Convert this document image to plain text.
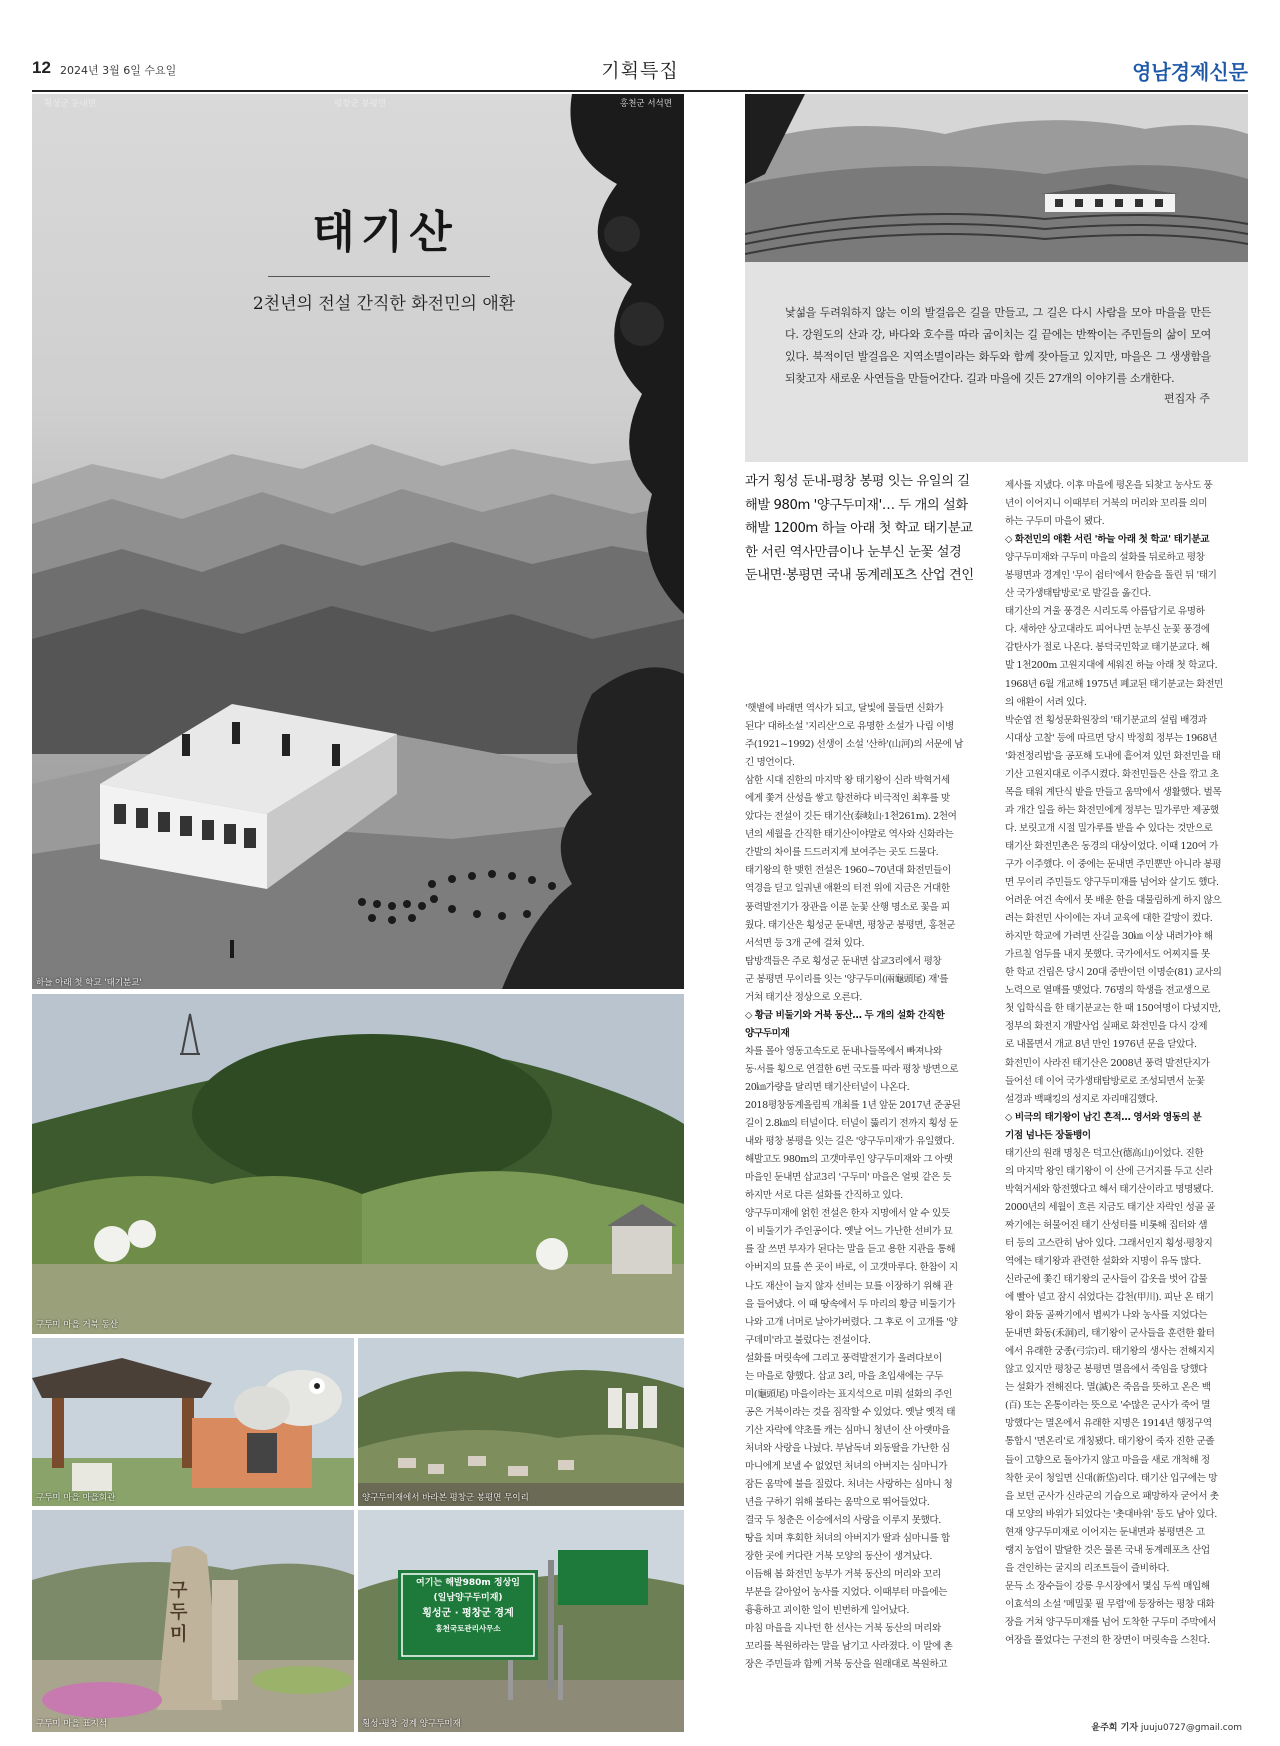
12 2024년 3월 6일 수요일	기획특집	영남경제신문
횡성군 둔내면	평창군 봉평면	홍천군 서석면
태기산
2천년의 전설 간직한 화전민의 애환
하늘 아래 첫 학교 '태기분교'
구두미 마을 거북 동산
구두미 마을 마을회관	양구두미재에서 바라본 평창군 봉평면 무이리
구두미
구두미 마을 표지석
여기는 해발980m 정상임
(일남양구두미재)
횡성군 · 평창군 경계
홍천국토관리사무소
횡성-평창 경계 양구두미재
낯섦을 두려워하지 않는 이의 발걸음은 길을 만들고, 그 길은 다시 사람을 모아 마을을 만든다. 강원도의 산과 강, 바다와 호수를 따라 굽이치는 길 끝에는 반짝이는 주민들의 삶이 모여 있다. 북적이던 발걸음은 지역소멸이라는 화두와 함께 잦아들고 있지만, 마을은 그 생생함을 되찾고자 새로운 사연들을 만들어간다. 길과 마을에 깃든 27개의 이야기를 소개한다.
편집자 주
과거 횡성 둔내-평창 봉평 잇는 유일의 길
해발 980m '양구두미재'… 두 개의 설화
해발 1200m 하늘 아래 첫 학교 태기분교
한 서린 역사만큼이나 눈부신 눈꽃 설경
둔내면·봉평면 국내 동계레포츠 산업 견인
'햇볕에 바래면 역사가 되고, 달빛에 물들면 신화가
된다' 대하소설 '지리산'으로 유명한 소설가 나림 이병
주(1921~1992) 선생이 소설 '산하'(山河)의 서문에 남
긴 명언이다.
삼한 시대 진한의 마지막 왕 태기왕이 신라 박혁거세
에게 쫓겨 산성을 쌓고 항전하다 비극적인 최후를 맞
았다는 전설이 깃든 태기산(泰岐山·1천261m). 2천여
년의 세월을 간직한 태기산이야말로 역사와 신화라는
간발의 차이를 드드러지게 보여주는 곳도 드물다.
태기왕의 한 맺힌 전설은 1960~70년대 화전민들이
역경을 딛고 일궈낸 애환의 터전 위에 지금은 거대한
풍력발전기가 장관을 이룬 눈꽃 산행 명소로 꽃을 피
웠다. 태기산은 횡성군 둔내면, 평창군 봉평면, 홍천군
서석면 등 3개 군에 걸쳐 있다.
탐방객들은 주로 횡성군 둔내면 삽교3리에서 평창
군 봉평면 무이리를 잇는 '양구두미(兩龜頭尾) 재'를
거쳐 태기산 정상으로 오른다.
◇ 황금 비둘기와 거북 동산… 두 개의 설화 간직한
양구두미재
차를 몰아 영동고속도로 둔내나들목에서 빠져나와
동·서를 횡으로 연결한 6번 국도를 따라 평창 방면으로
20㎞가량을 달리면 태기산터널이 나온다.
2018평창동계올림픽 개최를 1년 앞둔 2017년 준공된
길이 2.8㎞의 터널이다. 터널이 뚫리기 전까지 횡성 둔
내와 평창 봉평을 잇는 길은 '양구두미재'가 유일했다.
해발고도 980m의 고갯마루인 양구두미재와 그 아랫
마을인 둔내면 삽교3리 '구두미' 마을은 얼핏 같은 듯
하지만 서로 다른 설화를 간직하고 있다.
양구두미재에 얽힌 전설은 한자 지명에서 알 수 있듯
이 비둘기가 주인공이다. 옛날 어느 가난한 선비가 묘
를 잘 쓰면 부자가 된다는 말을 듣고 용한 지관을 통해
아버지의 묘를 쓴 곳이 바로, 이 고갯마루다. 한참이 지
나도 재산이 늘지 않자 선비는 묘를 이장하기 위해 관
을 들어냈다. 이 때 땅속에서 두 마리의 황금 비둘기가
나와 고개 너머로 날아가버렸다. 그 후로 이 고개를 '양
구데미'라고 불렀다는 전설이다.
설화를 머릿속에 그리고 풍력발전기가 올려다보이
는 마을로 향했다. 삽교 3리, 마을 초입새에는 구두
미(龜頭尾) 마을이라는 표지석으로 미뤄 설화의 주인
공은 거북이라는 것을 짐작할 수 있었다. 옛날 옛적 태
기산 자락에 약초를 캐는 심마니 청년이 산 아랫마을
처녀와 사랑을 나눴다. 부남독녀 외동딸을 가난한 심
마니에게 보낼 수 없었던 처녀의 아버지는 심마니가
잠든 움막에 불을 질렀다. 처녀는 사랑하는 심마니 청
년을 구하기 위해 불타는 움막으로 뛰어들었다.
결국 두 청춘은 이승에서의 사랑을 이루지 못했다.
땅을 치며 후회한 처녀의 아버지가 딸과 심마니를 합
장한 곳에 커다란 거북 모양의 동산이 생겨났다.
이듬해 봄 화전민 농부가 거북 동산의 머리와 꼬리
부분을 갈아엎어 농사를 지었다. 이때부터 마을에는
흉흉하고 괴이한 일이 빈번하게 일어났다.
마침 마을을 지나던 한 선사는 거북 동산의 머리와
꼬리를 복원하라는 말을 남기고 사라졌다. 이 말에 촌
장은 주민들과 함께 거북 동산을 원래대로 복원하고
제사를 지냈다. 이후 마을에 평온을 되찾고 농사도 풍
년이 이어지니 이때부터 거북의 머리와 꼬리를 의미
하는 구두미 마을이 됐다.
◇ 화전민의 애환 서린 '하늘 아래 첫 학교' 태기분교
양구두미재와 구두미 마을의 설화를 뒤로하고 평창
봉평면과 경계인 '무이 쉼터'에서 한숨을 돌린 뒤 '태기
산 국가생태탐방로'로 발길을 옮긴다.
태기산의 겨울 풍경은 시리도록 아름답기로 유명하
다. 새하얀 상고대라도 피어나면 눈부신 눈꽃 풍경에
감탄사가 절로 나온다. 봉덕국민학교 태기분교다. 해
발 1천200m 고원지대에 세워진 하늘 아래 첫 학교다.
1968년 6월 개교해 1975년 폐교된 태기분교는 화전민
의 애환이 서려 있다.
박순엽 전 횡성문화원장의 '태기분교의 설립 배경과
시대상 고찰' 등에 따르면 당시 박정희 정부는 1968년
'화전정리법'을 공포해 도내에 흩어져 있던 화전민을 태
기산 고원지대로 이주시켰다. 화전민들은 산을 깎고 초
목을 태워 계단식 밭을 만들고 움막에서 생활했다. 벌목
과 개간 일을 하는 화전민에게 정부는 밀가루만 제공했
다. 보릿고개 시절 밀가루를 받을 수 있다는 것만으로
태기산 화전민촌은 동경의 대상이었다. 이때 120여 가
구가 이주했다. 이 중에는 둔내면 주민뿐만 아니라 봉평
면 무이리 주민들도 양구두미재를 넘어와 살기도 했다.
어려운 여건 속에서 못 배운 한을 대물림하게 하지 않으
려는 화전민 사이에는 자녀 교육에 대한 갈망이 컸다.
하지만 학교에 가려면 산길을 30㎞ 이상 내려가야 해
가르칠 엄두를 내지 못했다. 국가에서도 어찌지를 못
한 학교 건립은 당시 20대 중반이던 이명순(81) 교사의
노력으로 열매를 맺었다. 76명의 학생을 전교생으로
첫 입학식을 한 태기분교는 한 때 150여명이 다녔지만,
정부의 화전지 개발사업 실패로 화전민을 다시 강제
로 내몰면서 개교 8년 만인 1976년 문을 닫았다.
화전민이 사라진 태기산은 2008년 풍력 발전단지가
들어선 데 이어 국가생태탐방로로 조성되면서 눈꽃
설경과 백패킹의 성지로 자리매김했다.
◇ 비극의 태기왕이 남긴 흔적… 영서와 영동의 분
기점 넘나든 장돌뱅이
태기산의 원래 명칭은 덕고산(德高山)이었다. 진한
의 마지막 왕인 태기왕이 이 산에 근거지를 두고 신라
박혁거세와 항전했다고 해서 태기산이라고 명명됐다.
2000년의 세월이 흐른 지금도 태기산 자락인 성골 골
짜기에는 허물어진 태기 산성터를 비롯해 집터와 샘
터 등의 고스란히 남아 있다. 그래서인지 횡성·평창지
역에는 태기왕과 관련한 설화와 지명이 유독 많다.
신라군에 쫓긴 태기왕의 군사들이 갑옷을 벗어 갑물
에 빨아 널고 잠시 쉬었다는 갑천(甲川). 피난 온 태기
왕이 화동 골짜기에서 볍씨가 나와 농사를 지었다는
둔내면 화동(禾洞)리, 태기왕이 군사들을 훈련한 활터
에서 유래한 궁종(弓宗)리. 태기왕의 생사는 전해지지
않고 있지만 평창군 봉평면 멸음에서 죽임을 당했다
는 설화가 전해진다. 멸(滅)은 죽음을 뜻하고 온은 백
(百) 또는 온통이라는 뜻으로 '수많은 군사가 죽어 멸
망했다'는 멸온에서 유래한 지명은 1914년 행정구역
통합시 '면온리'로 개칭됐다. 태기왕이 죽자 진한 군졸
들이 고향으로 돌아가지 않고 마을을 새로 개척해 정
착한 곳이 청일면 신대(新垈)리다. 태기산 입구에는 망
을 보던 군사가 신라군의 기습으로 패망하자 굳어서 촛
대 모양의 바위가 되었다는 '촛대바위' 등도 남아 있다.
현재 양구두미재로 이어지는 둔내면과 봉평면은 고
랭지 농업이 발달한 것은 물론 국내 동계레포츠 산업
을 견인하는 굴지의 리조트들이 즐비하다.
문득 소 장수들이 강릉 우시장에서 몇십 두씩 매입해
이효석의 소설 '메밀꽃 필 무렵'에 등장하는 평창 대화
장을 거쳐 양구두미재를 넘어 도착한 구두미 주막에서
여장을 풀었다는 구전의 한 장면이 머릿속을 스친다.
윤주희 기자 juuju0727@gmail.com
